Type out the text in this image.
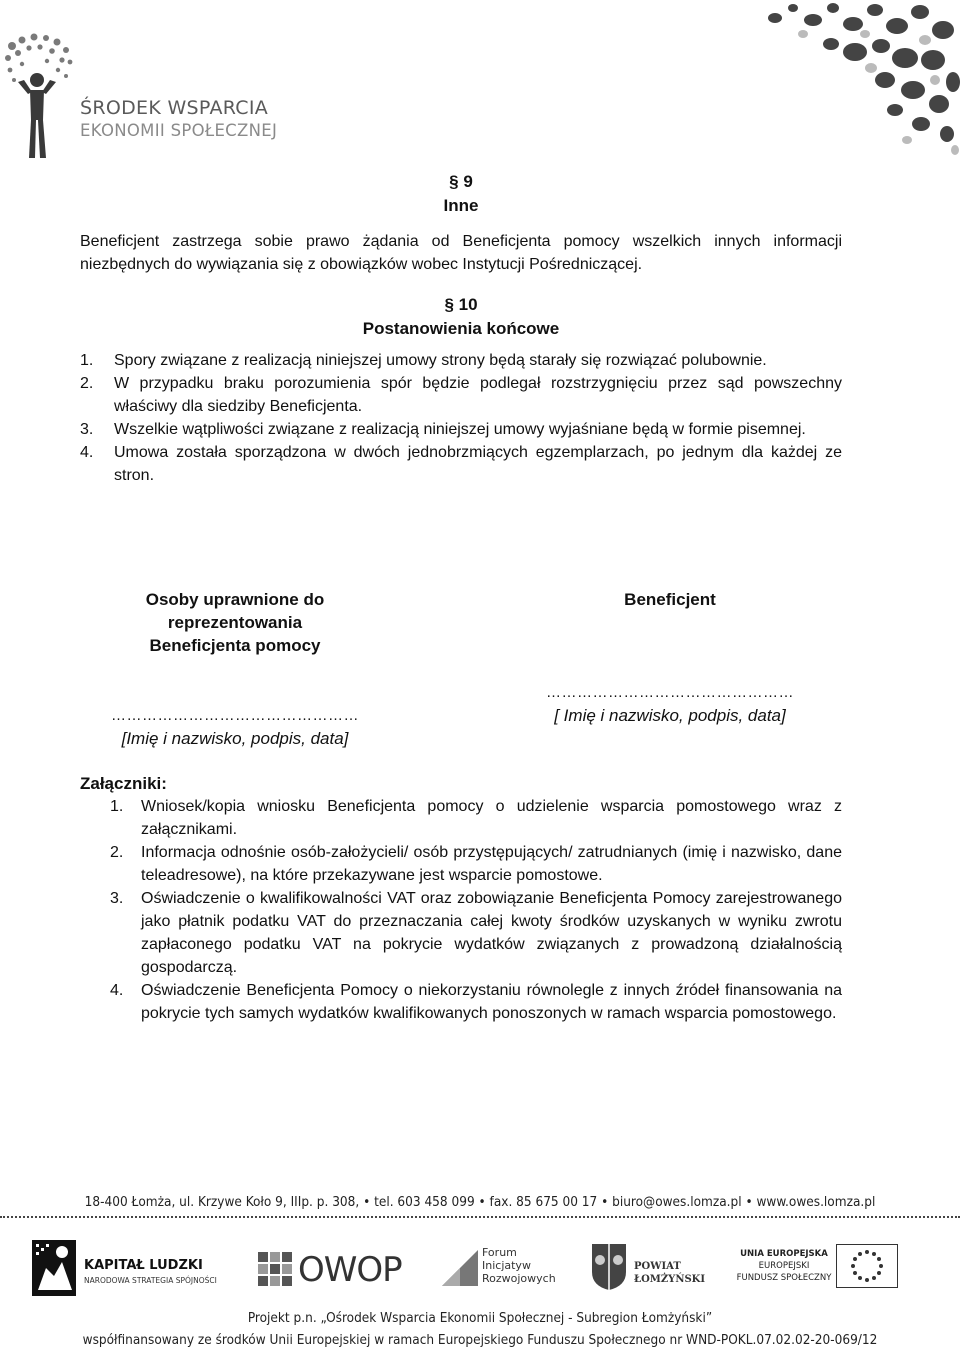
ŚRODEK WSPARCIA
EKONOMII SPOŁECZNEJ
§ 9
Inne

Beneficjent zastrzega sobie prawo żądania od Beneficjenta pomocy wszelkich innych informacji niezbędnych do wywiązania się z obowiązków wobec Instytucji Pośredniczącej.

§ 10
Postanowienia końcowe
1.	Spory związane z realizacją niniejszej umowy strony będą starały się rozwiązać polubownie.
2.	W przypadku braku porozumienia spór będzie podlegał rozstrzygnięciu przez sąd powszechny właściwy dla siedziby Beneficjenta.
3.	Wszelkie wątpliwości związane z realizacją niniejszej umowy wyjaśniane będą w formie pisemnej.
4.	Umowa została sporządzona w dwóch jednobrzmiących egzemplarzach, po jednym dla każdej ze stron.
Osoby uprawnione do reprezentowania
Beneficjenta pomocy
…………………………………………
[Imię i nazwisko, podpis, data]
Beneficjent
…………………………………………
[ Imię i nazwisko, podpis, data]
Załączniki:
1.	Wniosek/kopia wniosku Beneficjenta pomocy o udzielenie wsparcia pomostowego wraz z załącznikami.
2.	Informacja odnośnie osób-założycieli/ osób przystępujących/ zatrudnianych (imię i nazwisko, dane teleadresowe), na które przekazywane jest wsparcie pomostowe.
3.	Oświadczenie o kwalifikowalności VAT oraz zobowiązanie Beneficjenta Pomocy zarejestrowanego jako płatnik podatku VAT do przeznaczania całej kwoty środków uzyskanych w wyniku zwrotu zapłaconego podatku VAT na pokrycie wydatków związanych z prowadzoną działalnością gospodarczą.
4.	Oświadczenie Beneficjenta Pomocy o niekorzystaniu równolegle z innych źródeł finansowania na pokrycie tych samych wydatków kwalifikowanych ponoszonych w ramach wsparcia pomostowego.
18-400 Łomża, ul. Krzywe Koło 9, IIIp. p. 308, • tel. 603 458 099 • fax. 85 675 00 17 • biuro@owes.lomza.pl • www.owes.lomza.pl
KAPITAŁ LUDZKI
NARODOWA STRATEGIA SPÓJNOŚCI OWOP	Forum
Inicjatyw
Rozwojowych
POWIAT
ŁOMŻYŃSKI
UNIA EUROPEJSKA
EUROPEJSKI
FUNDUSZ SPOŁECZNY
Projekt p.n. „Ośrodek Wsparcia Ekonomii Społecznej - Subregion Łomżyński”
współfinansowany ze środków Unii Europejskiej w ramach Europejskiego Funduszu Społecznego nr WND-POKL.07.02.02-20-069/12
